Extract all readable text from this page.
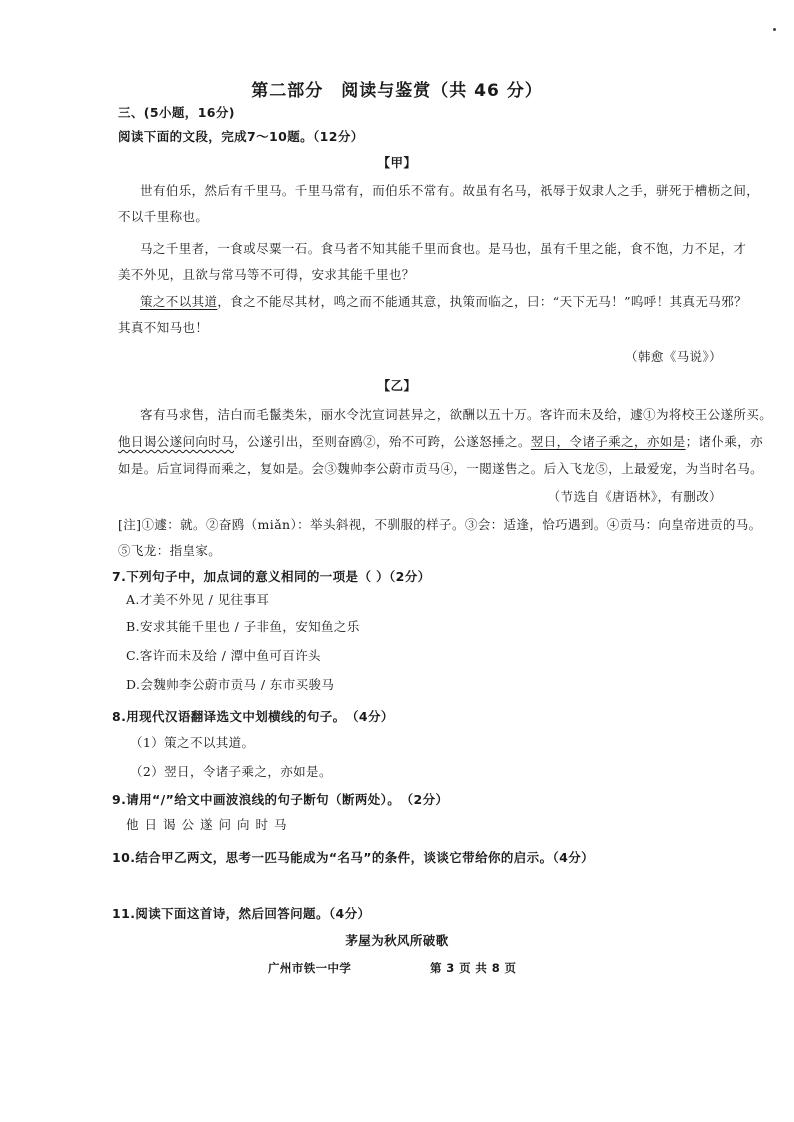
第二部分　阅读与鉴赏（共 46 分）
三、(5小题，16分)
阅读下面的文段，完成7～10题。（12分）
【甲】
世有伯乐，然后有千里马。千里马常有，而伯乐不常有。故虽有名马，祇辱于奴隶人之手，骈死于槽枥之间，
不以千里称也。
马之千里者，一食或尽粟一石。食马者不知其能千里而食也。是马也，虽有千里之能，食不饱，力不足，才
美不外见，且欲与常马等不可得，安求其能千里也？
策之不以其道，食之不能尽其材，鸣之而不能通其意，执策而临之，曰：“天下无马！”呜呼！其真无马邪？
其真不知马也！
（韩愈《马说》）
【乙】
客有马求售，洁白而毛鬣类朱，丽水令沈宣词甚异之，欲酬以五十万。客许而未及给，遽①为将校王公遂所买。
他日谒公遂问向时马，公遂引出，至则奋鸥②，殆不可跨，公遂怒捶之。翌日，令诸子乘之，亦如是；诸仆乘，亦
如是。后宣词得而乘之，复如是。会③魏帅李公蔚市贡马④，一閲遂售之。后入飞龙⑤，上最爱宠，为当时名马。
（节选自《唐语林》，有删改）
[注]①遽：就。②奋鸥（miǎn）：举头斜视，不驯服的样子。③会：适逢，恰巧遇到。④贡马：向皇帝进贡的马。
⑤飞龙：指皇家。
7.下列句子中，加点词的意义相同的一项是（ ）（2分）
A.才美不外见 / 见往事耳
B.安求其能千里也 / 子非鱼，安知鱼之乐
C.客许而未及给 / 潭中鱼可百许头
D.会魏帅李公蔚市贡马 / 东市买骏马
8.用现代汉语翻译选文中划横线的句子。　（4分）
（1）策之不以其道。
（2）翌日，令诸子乘之，亦如是。
9.请用“/”给文中画波浪线的句子断句（断两处）。　（2分）
他日谒公遂问向时马
10.结合甲乙两文，思考一匹马能成为“名马”的条件，谈谈它带给你的启示。（4分）
11.阅读下面这首诗，然后回答问题。（4分）
茅屋为秋风所破歌
广州市铁一中学	第 3 页 共 8 页
